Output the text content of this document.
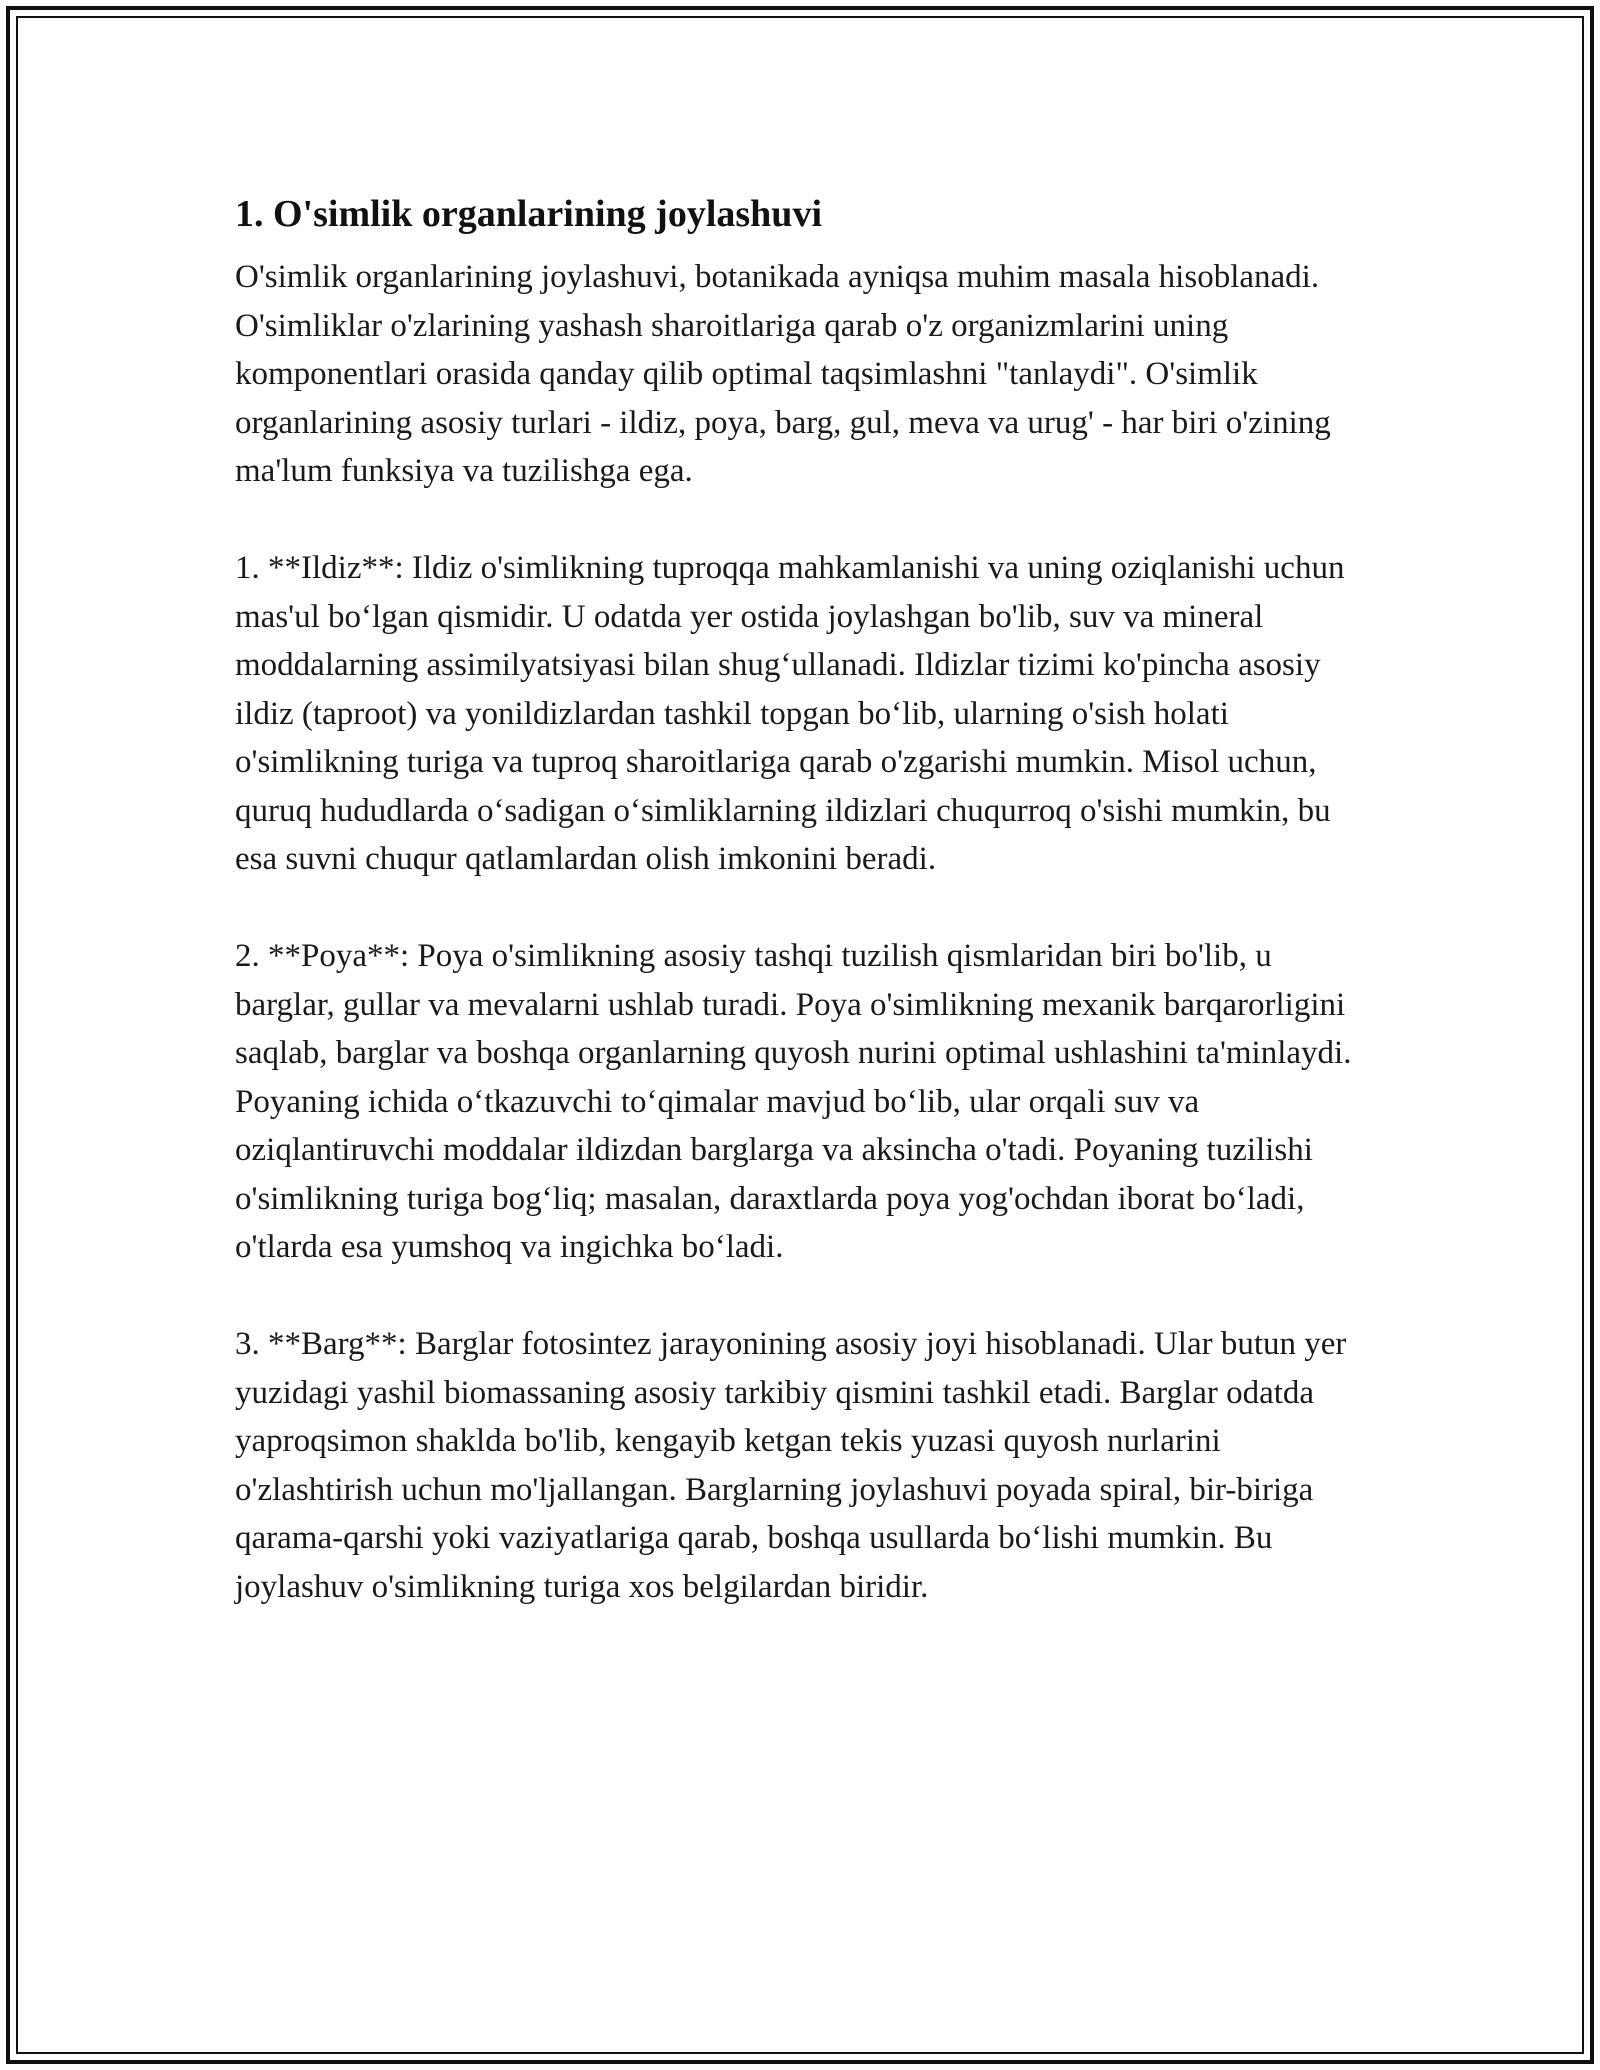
1. O'simlik organlarining joylashuvi

O'simlik organlarining joylashuvi, botanikada ayniqsa muhim masala hisoblanadi. O'simliklar o'zlarining yashash sharoitlariga qarab o'z organizmlarini uning komponentlari orasida qanday qilib optimal taqsimlashni "tanlaydi". O'simlik organlarining asosiy turlari - ildiz, poya, barg, gul, meva va urug' - har biri o'zining ma'lum funksiya va tuzilishga ega.

1. **Ildiz**: Ildiz o'simlikning tuproqqa mahkamlanishi va uning oziqlanishi uchun mas'ul bo‘lgan qismidir. U odatda yer ostida joylashgan bo'lib, suv va mineral moddalarning assimilyatsiyasi bilan shug‘ullanadi. Ildizlar tizimi ko'pincha asosiy ildiz (taproot) va yonildizlardan tashkil topgan bo‘lib, ularning o'sish holati o'simlikning turiga va tuproq sharoitlariga qarab o'zgarishi mumkin. Misol uchun, quruq hududlarda o‘sadigan o‘simliklarning ildizlari chuqurroq o'sishi mumkin, bu esa suvni chuqur qatlamlardan olish imkonini beradi.

2. **Poya**: Poya o'simlikning asosiy tashqi tuzilish qismlaridan biri bo'lib, u barglar, gullar va mevalarni ushlab turadi. Poya o'simlikning mexanik barqarorligini saqlab, barglar va boshqa organlarning quyosh nurini optimal ushlashini ta'minlaydi. Poyaning ichida o‘tkazuvchi to‘qimalar mavjud bo‘lib, ular orqali suv va oziqlantiruvchi moddalar ildizdan barglarga va aksincha o'tadi. Poyaning tuzilishi o'simlikning turiga bog‘liq; masalan, daraxtlarda poya yog'ochdan iborat bo‘ladi, o'tlarda esa yumshoq va ingichka bo‘ladi.

3. **Barg**: Barglar fotosintez jarayonining asosiy joyi hisoblanadi. Ular butun yer yuzidagi yashil biomassaning asosiy tarkibiy qismini tashkil etadi. Barglar odatda yaproqsimon shaklda bo'lib, kengayib ketgan tekis yuzasi quyosh nurlarini o'zlashtirish uchun mo'ljallangan. Barglarning joylashuvi poyada spiral, bir-biriga qarama-qarshi yoki vaziyatlariga qarab, boshqa usullarda bo‘lishi mumkin. Bu joylashuv o'simlikning turiga xos belgilardan biridir.
